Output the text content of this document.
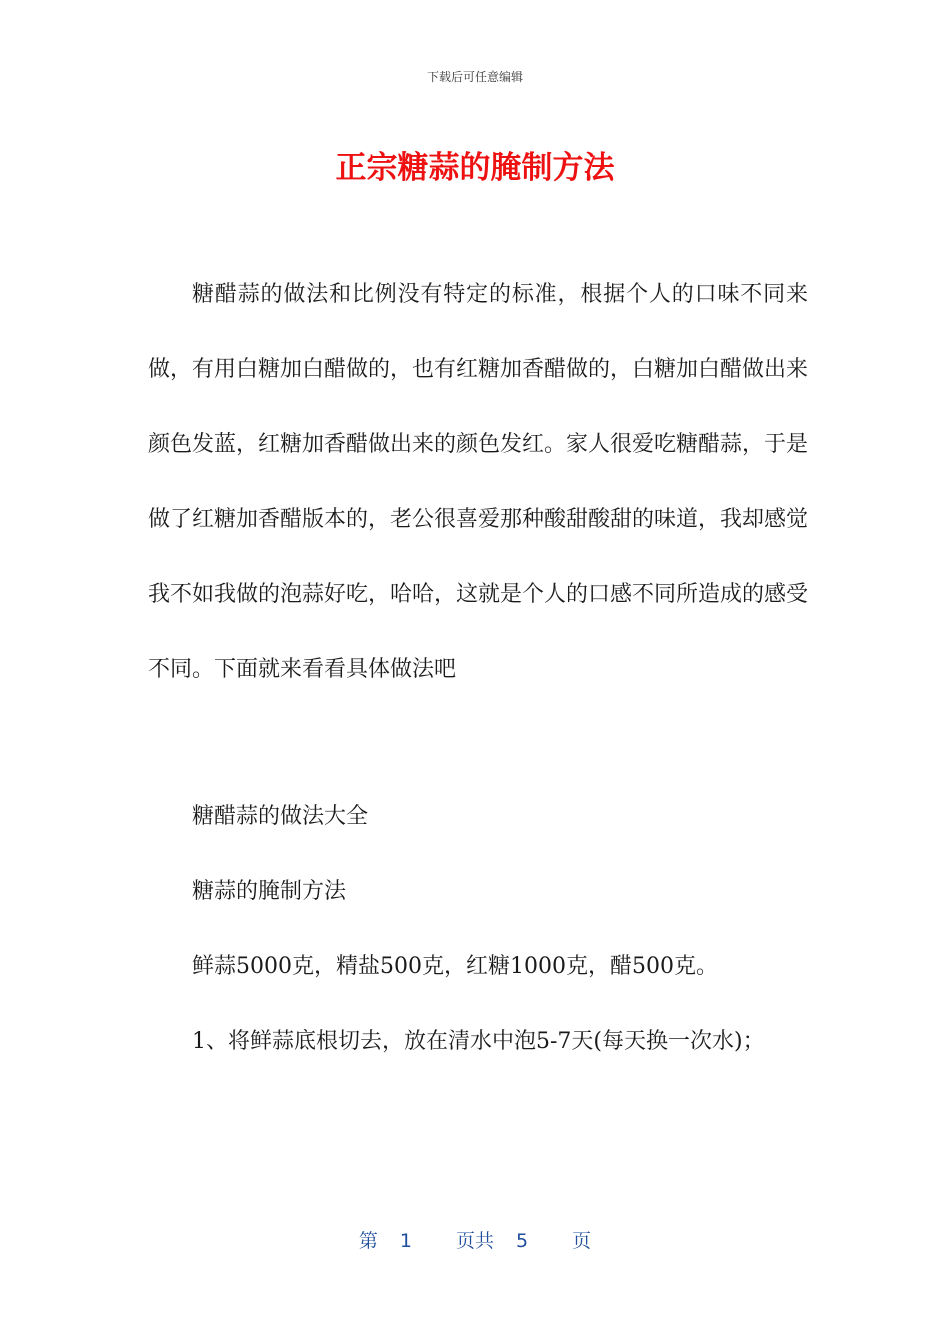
下载后可任意编辑
正宗糖蒜的腌制方法
糖醋蒜的做法和比例没有特定的标准，根据个人的口味不同来做，有用白糖加白醋做的，也有红糖加香醋做的，白糖加白醋做出来颜色发蓝，红糖加香醋做出来的颜色发红。家人很爱吃糖醋蒜，于是做了红糖加香醋版本的，老公很喜爱那种酸甜酸甜的味道，我却感觉我不如我做的泡蒜好吃，哈哈，这就是个人的口感不同所造成的感受不同。下面就来看看具体做法吧
糖醋蒜的做法大全
糖蒜的腌制方法
鲜蒜5000克，精盐500克，红糖1000克，醋500克。
1、将鲜蒜底根切去，放在清水中泡5-7天(每天换一次水)；
第 1 页共 5 页
